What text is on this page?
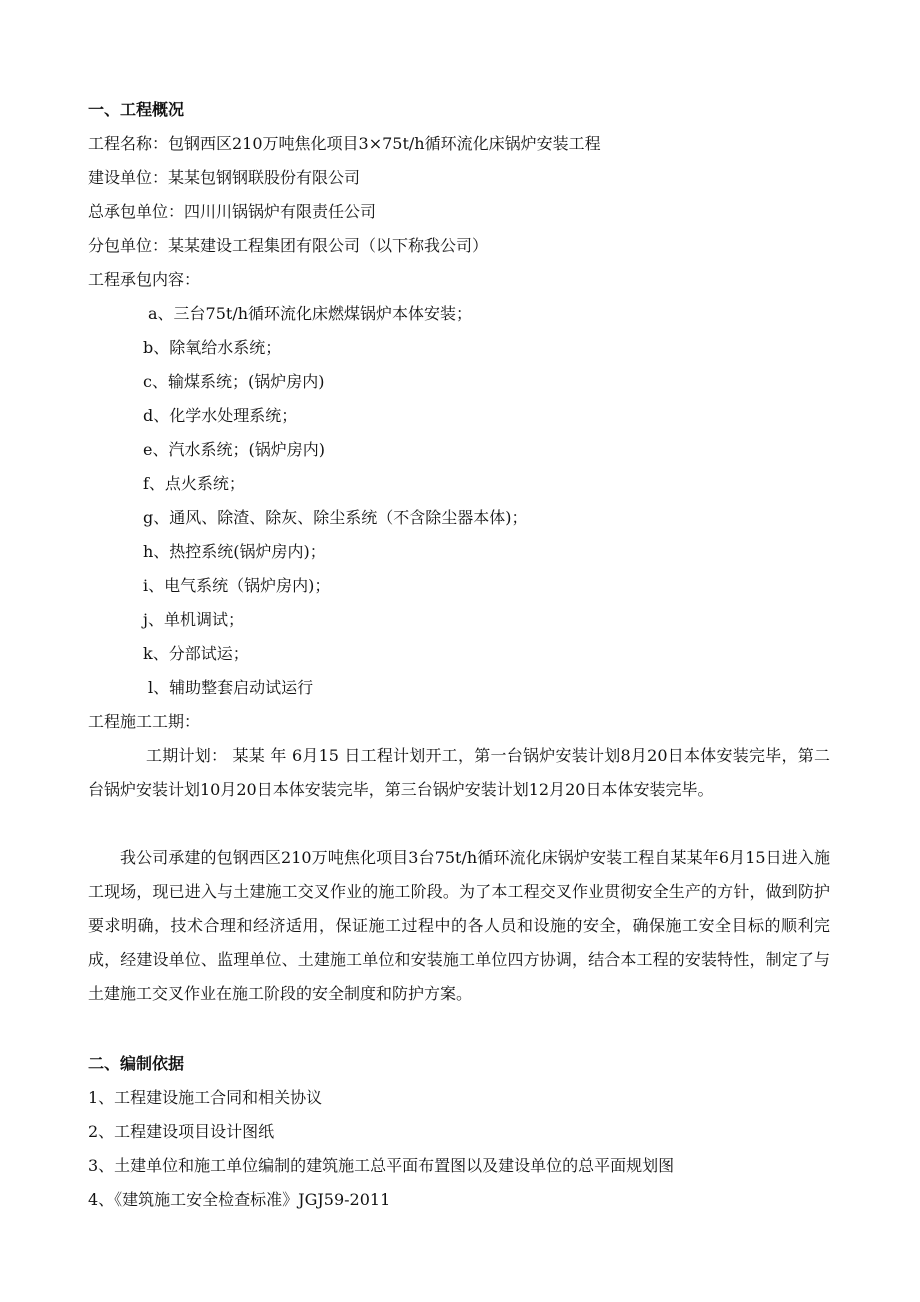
一、工程概况
工程名称：包钢西区210万吨焦化项目3×75t/h循环流化床锅炉安装工程
建设单位：某某包钢钢联股份有限公司
总承包单位：四川川锅锅炉有限责任公司
分包单位：某某建设工程集团有限公司（以下称我公司）
工程承包内容：
a、三台75t/h循环流化床燃煤锅炉本体安装；
b、除氧给水系统；
c、输煤系统；(锅炉房内)
d、化学水处理系统；
e、汽水系统；(锅炉房内)
f、点火系统；
g、通风、除渣、除灰、除尘系统（不含除尘器本体)；
h、热控系统(锅炉房内)；
i、电气系统（锅炉房内)；
j、单机调试；
k、分部试运；
l、辅助整套启动试运行
工程施工工期：
工期计划： 某某 年 6月15 日工程计划开工，第一台锅炉安装计划8月20日本体安装完毕，第二台锅炉安装计划10月20日本体安装完毕，第三台锅炉安装计划12月20日本体安装完毕。
我公司承建的包钢西区210万吨焦化项目3台75t/h循环流化床锅炉安装工程自某某年6月15日进入施工现场，现已进入与土建施工交叉作业的施工阶段。为了本工程交叉作业贯彻安全生产的方针，做到防护要求明确，技术合理和经济适用，保证施工过程中的各人员和设施的安全，确保施工安全目标的顺利完成，经建设单位、监理单位、土建施工单位和安装施工单位四方协调，结合本工程的安装特性，制定了与土建施工交叉作业在施工阶段的安全制度和防护方案。
二、编制依据
1、工程建设施工合同和相关协议
2、工程建设项目设计图纸
3、土建单位和施工单位编制的建筑施工总平面布置图以及建设单位的总平面规划图
4、《建筑施工安全检查标准》JGJ59-2011
